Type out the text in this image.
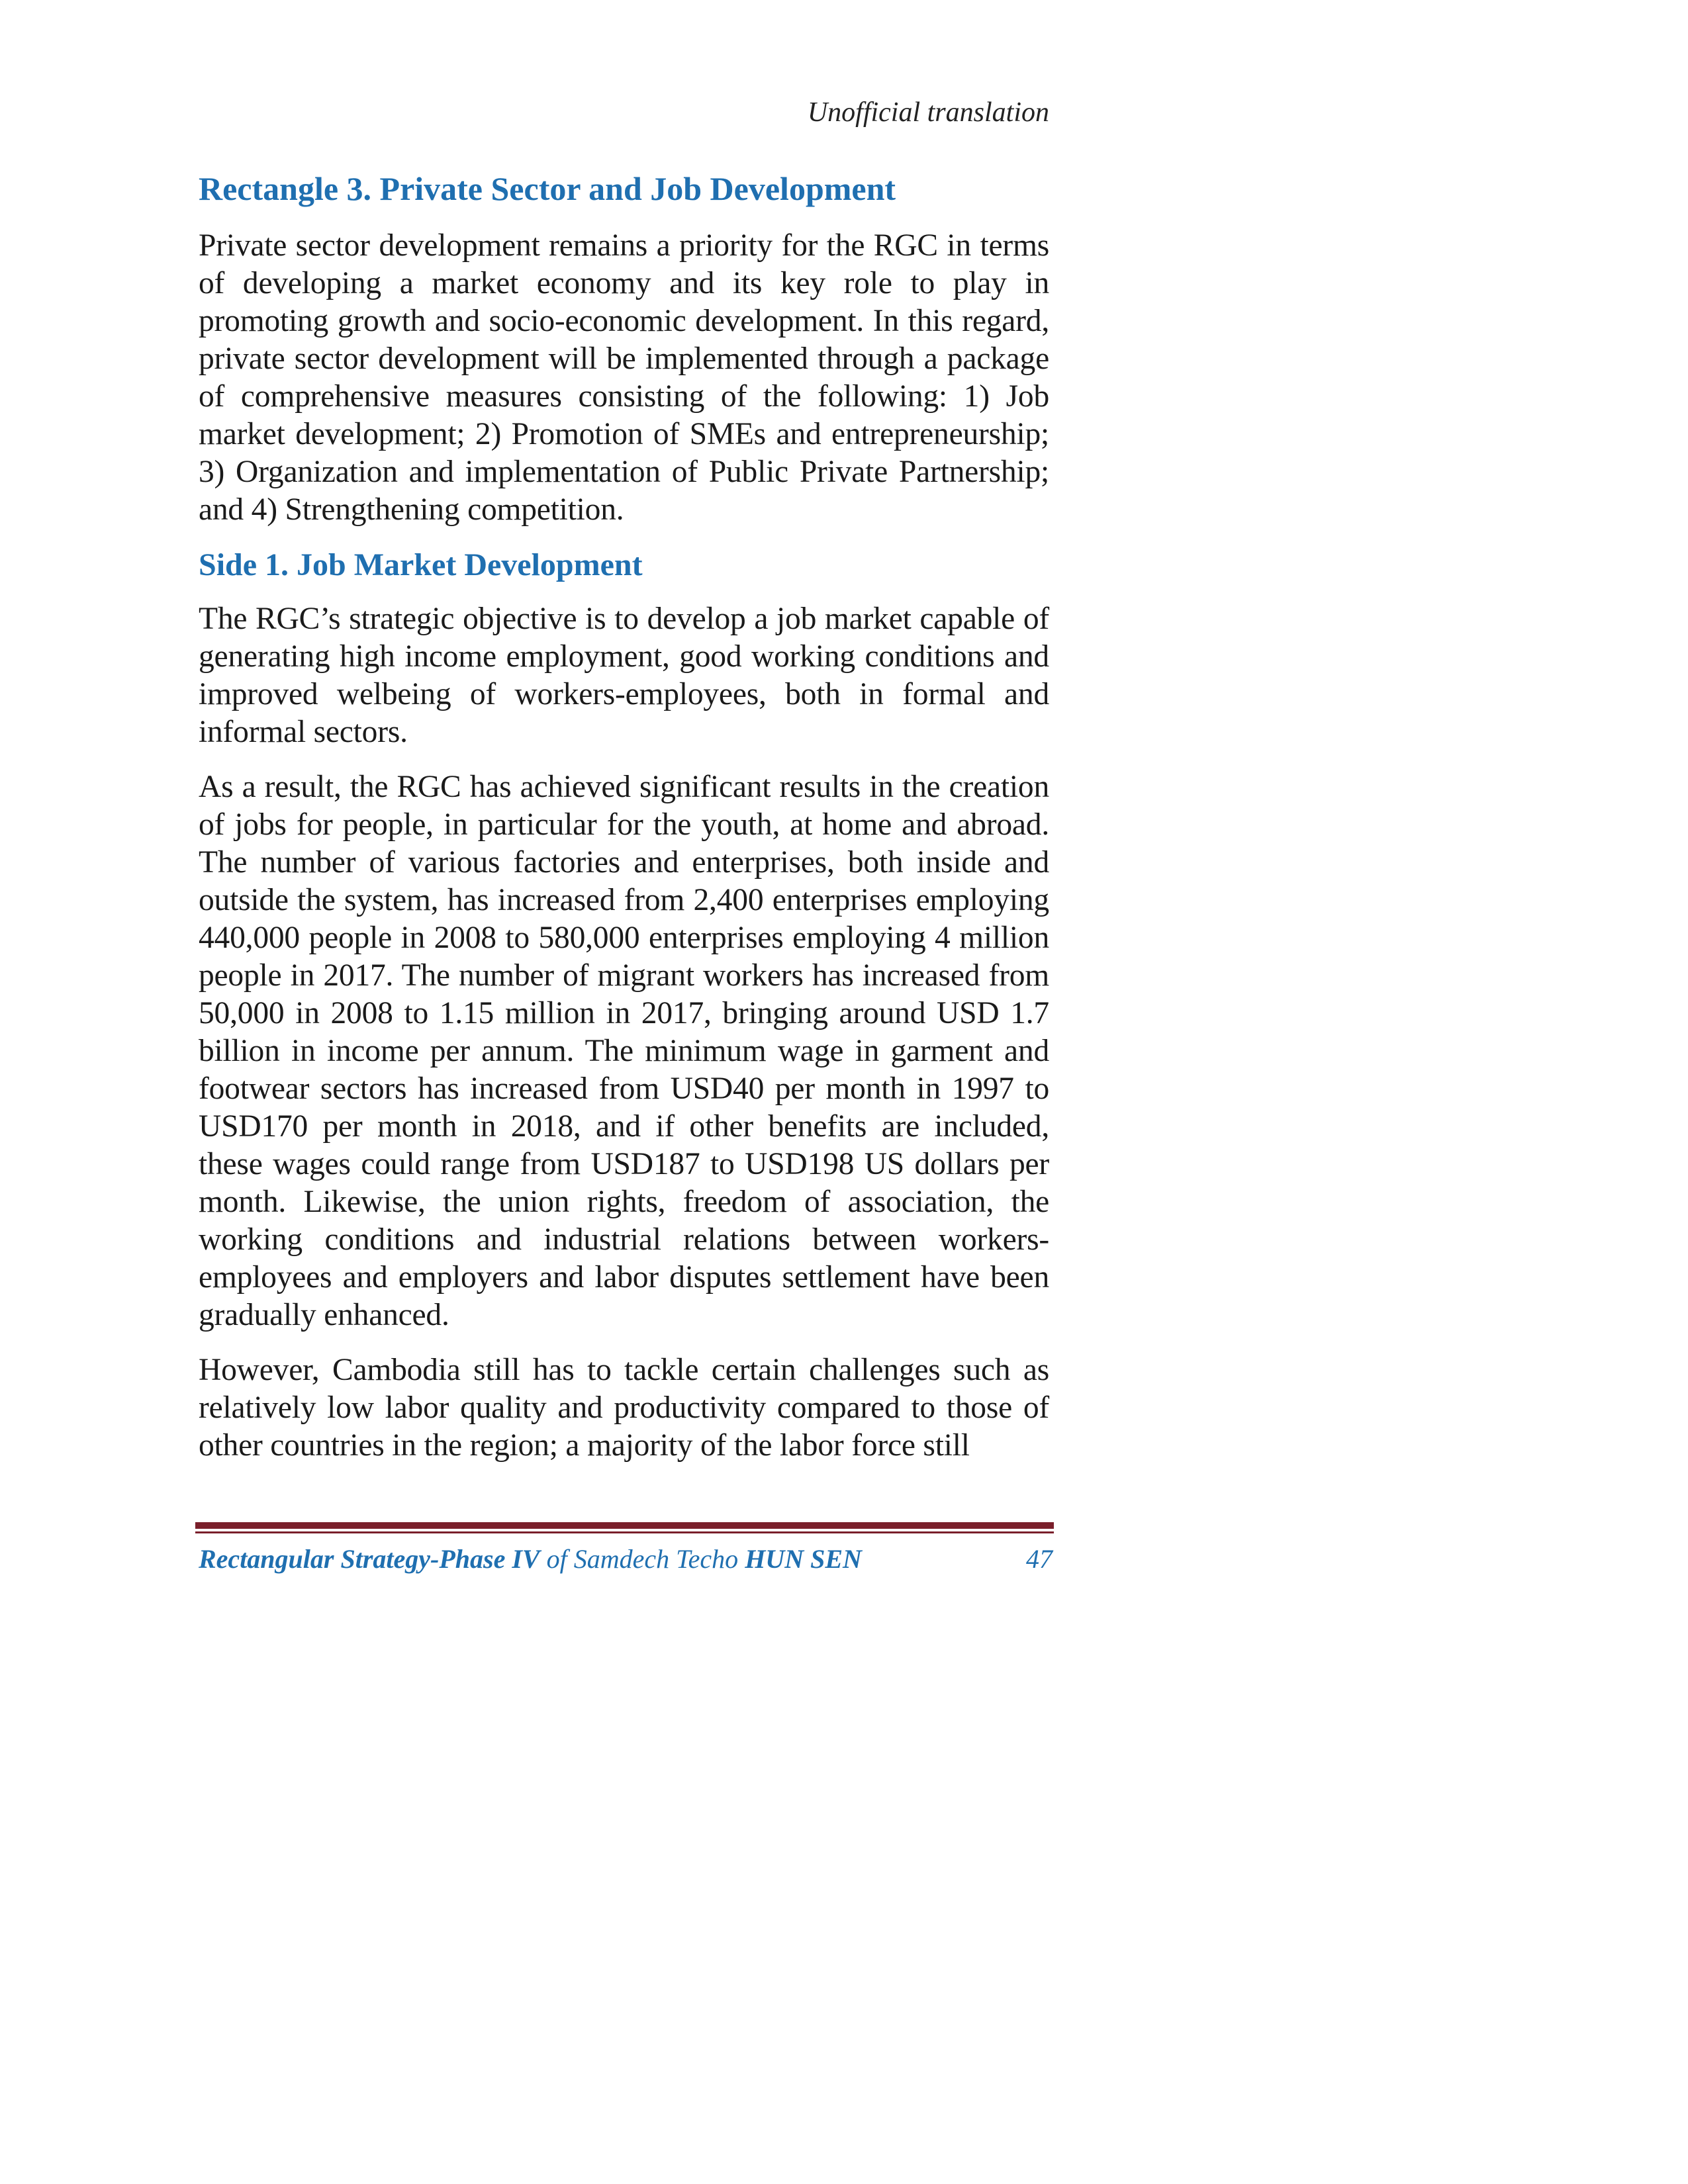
Unofficial translation
Rectangle 3. Private Sector and Job Development

Private sector development remains a priority for the RGC in terms of developing a market economy and its key role to play in promoting growth and socio-economic development. In this regard, private sector development will be implemented through a package of comprehensive measures consisting of the following: 1) Job market development; 2) Promotion of SMEs and entrepreneurship; 3) Organization and implementation of Public Private Partnership; and 4) Strengthening competition.

Side 1. Job Market Development

The RGC’s strategic objective is to develop a job market capable of generating high income employment, good working conditions and improved welbeing of workers-employees, both in formal and informal sectors.

As a result, the RGC has achieved significant results in the creation of jobs for people, in particular for the youth, at home and abroad. The number of various factories and enterprises, both inside and outside the system, has increased from 2,400 enterprises employing 440,000 people in 2008 to 580,000 enterprises employing 4 million people in 2017. The number of migrant workers has increased from 50,000 in 2008 to 1.15 million in 2017, bringing around USD 1.7 billion in income per annum. The minimum wage in garment and footwear sectors has increased from USD40 per month in 1997 to USD170 per month in 2018, and if other benefits are included, these wages could range from USD187 to USD198 US dollars per month. Likewise, the union rights, freedom of association, the working conditions and industrial relations between workers-employees and employers and labor disputes settlement have been gradually enhanced.

However, Cambodia still has to tackle certain challenges such as relatively low labor quality and productivity compared to those of other countries in the region; a majority of the labor force still

Rectangular Strategy-Phase IV of Samdech Techo HUN SEN	47
